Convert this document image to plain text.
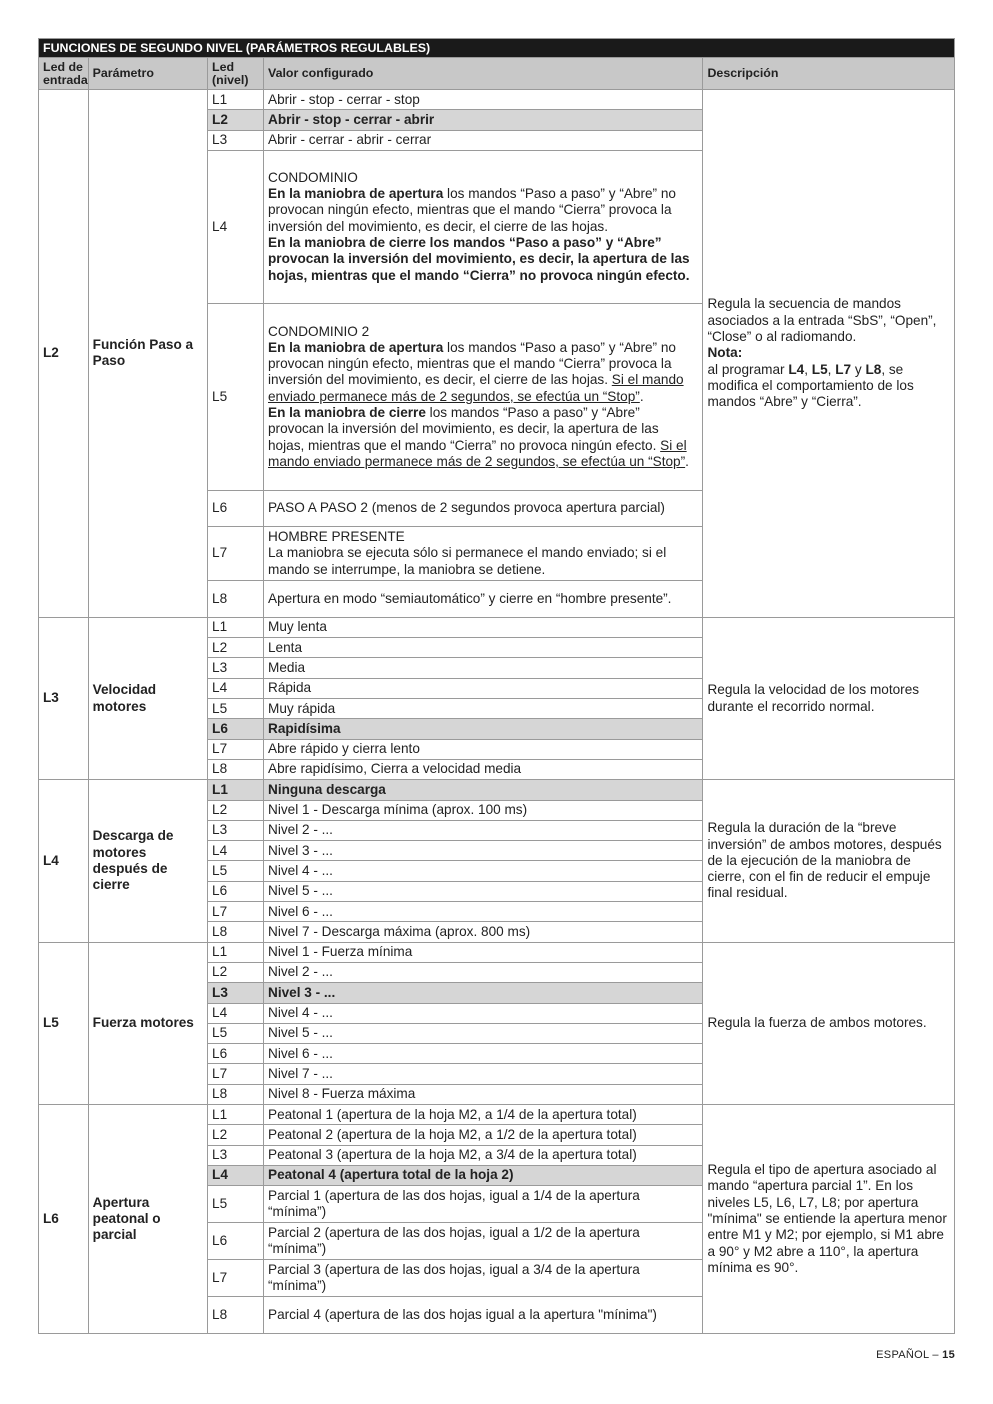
FUNCIONES DE SEGUNDO NIVEL (PARÁMETROS REGULABLES)				
Led de entrada	Parámetro	Led (nivel)	Valor configurado	Descripción
L2	Función Paso a Paso	L1	Abrir - stop - cerrar - stop	Regula la secuencia de mandos asociados a la entrada “SbS”, “Open”, “Close” o al radiomando.
Nota:
al programar L4, L5, L7 y L8, se modifica el comportamiento de los mandos “Abre” y “Cierra”.
		L2	Abrir - stop - cerrar - abrir	
		L3	Abrir - cerrar - abrir - cerrar	
		L4	CONDOMINIO
En la maniobra de apertura los mandos “Paso a paso” y “Abre” no provocan ningún efecto, mientras que el mando “Cierra” provoca la inversión del movimiento, es decir, el cierre de las hojas.
En la maniobra de cierre los mandos “Paso a paso” y “Abre” provocan la inversión del movimiento, es decir, la apertura de las hojas, mientras que el mando “Cierra” no provoca ningún efecto.	
		L5	CONDOMINIO 2
En la maniobra de apertura los mandos “Paso a paso” y “Abre” no provocan ningún efecto, mientras que el mando “Cierra” provoca la inversión del movimiento, es decir, el cierre de las hojas. Si el mando enviado permanece más de 2 segundos, se efectúa un “Stop”.
En la maniobra de cierre los mandos “Paso a paso” y “Abre” provocan la inversión del movimiento, es decir, la apertura de las hojas, mientras que el mando “Cierra” no provoca ningún efecto. Si el mando enviado permanece más de 2 segundos, se efectúa un “Stop”.	
		L6	PASO A PASO 2 (menos de 2 segundos provoca apertura parcial)	
		L7	HOMBRE PRESENTE
La maniobra se ejecuta sólo si permanece el mando enviado; si el mando se interrumpe, la maniobra se detiene.	
		L8	Apertura en modo “semiautomático” y cierre en “hombre presente”.	
L3	Velocidad motores	L1	Muy lenta	Regula la velocidad de los motores durante el recorrido normal.
		L2	Lenta	
		L3	Media	
		L4	Rápida	
		L5	Muy rápida	
		L6	Rapidísima	
		L7	Abre rápido y cierra lento	
		L8	Abre rapidísimo, Cierra a velocidad media	
L4	Descarga de motores después de cierre	L1	Ninguna descarga	Regula la duración de la “breve inversión” de ambos motores, después de la ejecución de la maniobra de cierre, con el fin de reducir el empuje final residual.
		L2	Nivel 1 - Descarga mínima (aprox. 100 ms)	
		L3	Nivel 2 - ...	
		L4	Nivel 3 - ...	
		L5	Nivel 4 - ...	
		L6	Nivel 5 - ...	
		L7	Nivel 6 - ...	
		L8	Nivel 7 - Descarga máxima (aprox. 800 ms)	
L5	Fuerza motores	L1	Nivel 1 - Fuerza mínima	Regula la fuerza de ambos motores.
		L2	Nivel 2 - ...	
		L3	Nivel 3 - ...	
		L4	Nivel 4 - ...	
		L5	Nivel 5 - ...	
		L6	Nivel 6 - ...	
		L7	Nivel 7 - ...	
		L8	Nivel 8 - Fuerza máxima	
L6	Apertura peatonal o parcial	L1	Peatonal 1 (apertura de la hoja M2, a 1/4 de la apertura total)	Regula el tipo de apertura asociado al mando “apertura parcial 1”. En los niveles L5, L6, L7, L8; por apertura "mínima" se entiende la apertura menor entre M1 y M2; por ejemplo, si M1 abre a 90° y M2 abre a 110°, la apertura mínima es 90°.
		L2	Peatonal 2 (apertura de la hoja M2, a 1/2 de la apertura total)	
		L3	Peatonal 3 (apertura de la hoja M2, a 3/4 de la apertura total)	
		L4	Peatonal 4 (apertura total de la hoja 2)	
		L5	Parcial 1 (apertura de las dos hojas, igual a 1/4 de la apertura “mínima”)	
		L6	Parcial 2 (apertura de las dos hojas, igual a 1/2 de la apertura “mínima”)	
		L7	Parcial 3 (apertura de las dos hojas, igual a 3/4 de la apertura “mínima”)	
		L8	Parcial 4 (apertura de las dos hojas igual a la apertura "mínima")	
ESPAÑOL – 15
